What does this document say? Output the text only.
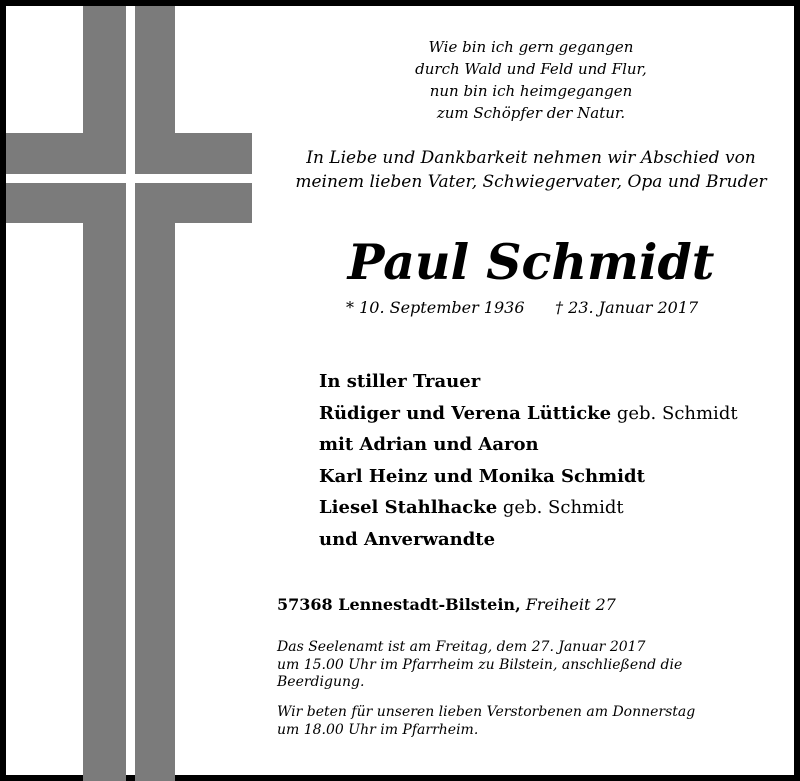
Wie bin ich gern gegangen
durch Wald und Feld und Flur,
nun bin ich heimgegangen
zum Schöpfer der Natur.
In Liebe und Dankbarkeit nehmen wir Abschied von
meinem lieben Vater, Schwiegervater, Opa und Bruder
Paul Schmidt
* 10. September 1936 † 23. Januar 2017
In stiller Trauer
Rüdiger und Verena Lütticke geb. Schmidt
mit Adrian und Aaron
Karl Heinz und Monika Schmidt
Liesel Stahlhacke geb. Schmidt
und Anverwandte
57368 Lennestadt-Bilstein, Freiheit 27
Das Seelenamt ist am Freitag, dem 27. Januar 2017
um 15.00 Uhr im Pfarrheim zu Bilstein, anschließend die
Beerdigung.
Wir beten für unseren lieben Verstorbenen am Donnerstag
um 18.00 Uhr im Pfarrheim.
